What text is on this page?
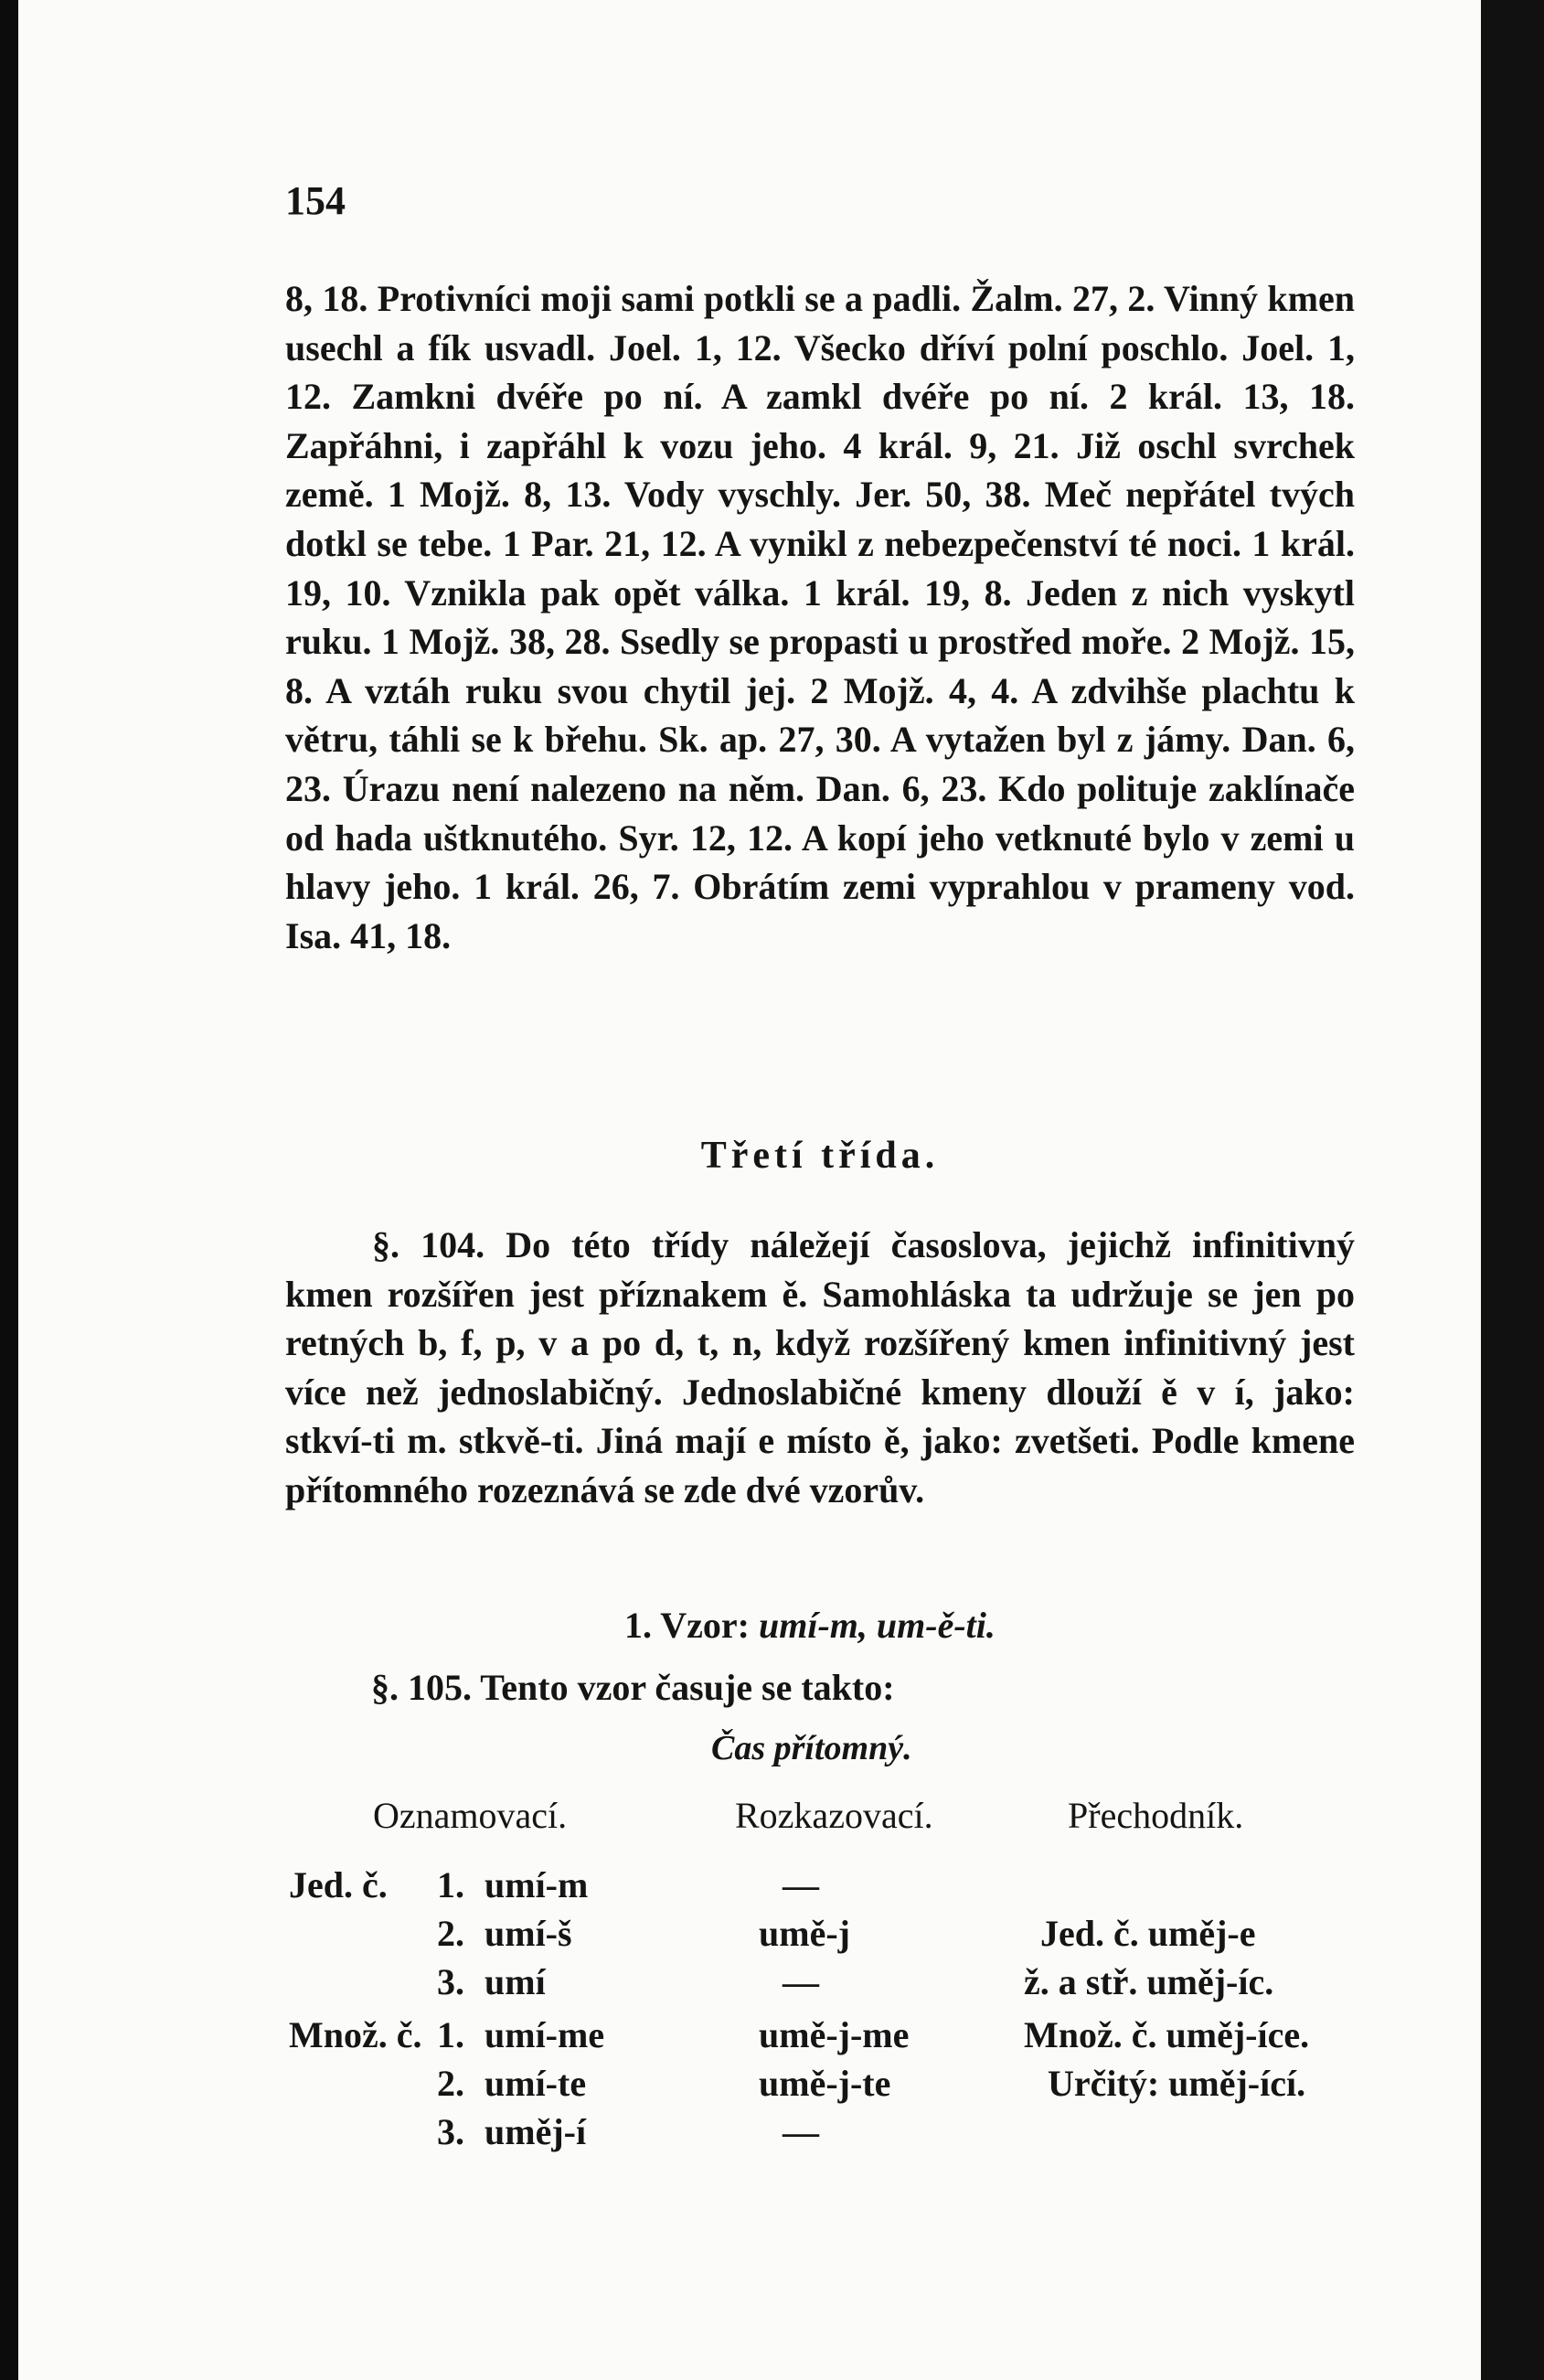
154

8, 18. Protivníci moji sami potkli se a padli. Žalm. 27, 2. Vinný kmen usechl a fík usvadl. Joel. 1, 12. Všecko dříví polní poschlo. Joel. 1, 12. Zamkni dvéře po ní. A zamkl dvéře po ní. 2 král. 13, 18. Zapřáhni, i zapřáhl k vozu jeho. 4 král. 9, 21. Již oschl svrchek země. 1 Mojž. 8, 13. Vody vyschly. Jer. 50, 38. Meč nepřátel tvých dotkl se tebe. 1 Par. 21, 12. A vynikl z nebezpečenství té noci. 1 král. 19, 10. Vznikla pak opět válka. 1 král. 19, 8. Jeden z nich vyskytl ruku. 1 Mojž. 38, 28. Ssedly se propasti u prostřed moře. 2 Mojž. 15, 8. A vztáh ruku svou chytil jej. 2 Mojž. 4, 4. A zdvihše plachtu k větru, táhli se k břehu. Sk. ap. 27, 30. A vytažen byl z jámy. Dan. 6, 23. Úrazu není nalezeno na něm. Dan. 6, 23. Kdo polituje zaklínače od hada uštknutého. Syr. 12, 12. A kopí jeho vetknuté bylo v zemi u hlavy jeho. 1 král. 26, 7. Obrátím zemi vyprahlou v prameny vod. Isa. 41, 18.

Třetí třída.

§. 104. Do této třídy náležejí časoslova, jejichž infinitivný kmen rozšířen jest příznakem ě. Samohláska ta udržuje se jen po retných b, f, p, v a po d, t, n, když rozšířený kmen infinitivný jest více než jednoslabičný. Jednoslabičné kmeny dlouží ě v í, jako: stkví-ti m. stkvě-ti. Jiná mají e místo ě, jako: zvetšeti. Podle kmene přítomného rozeznává se zde dvé vzorův.

1. Vzor: umí-m, um-ě-ti.

§. 105. Tento vzor časuje se takto:

Čas přítomný.
Oznamovací.	Rozkazovací.	Přechodník.
Jed. č. 1. umí-m	—
2. umí-š	umě-j	Jed. č. uměj-e
3. umí	—	ž. a stř. uměj-íc.
Množ. č. 1. umí-me	umě-j-me	Množ. č. uměj-íce.
2. umí-te	umě-j-te	Určitý: uměj-ící.
3. uměj-í	—
